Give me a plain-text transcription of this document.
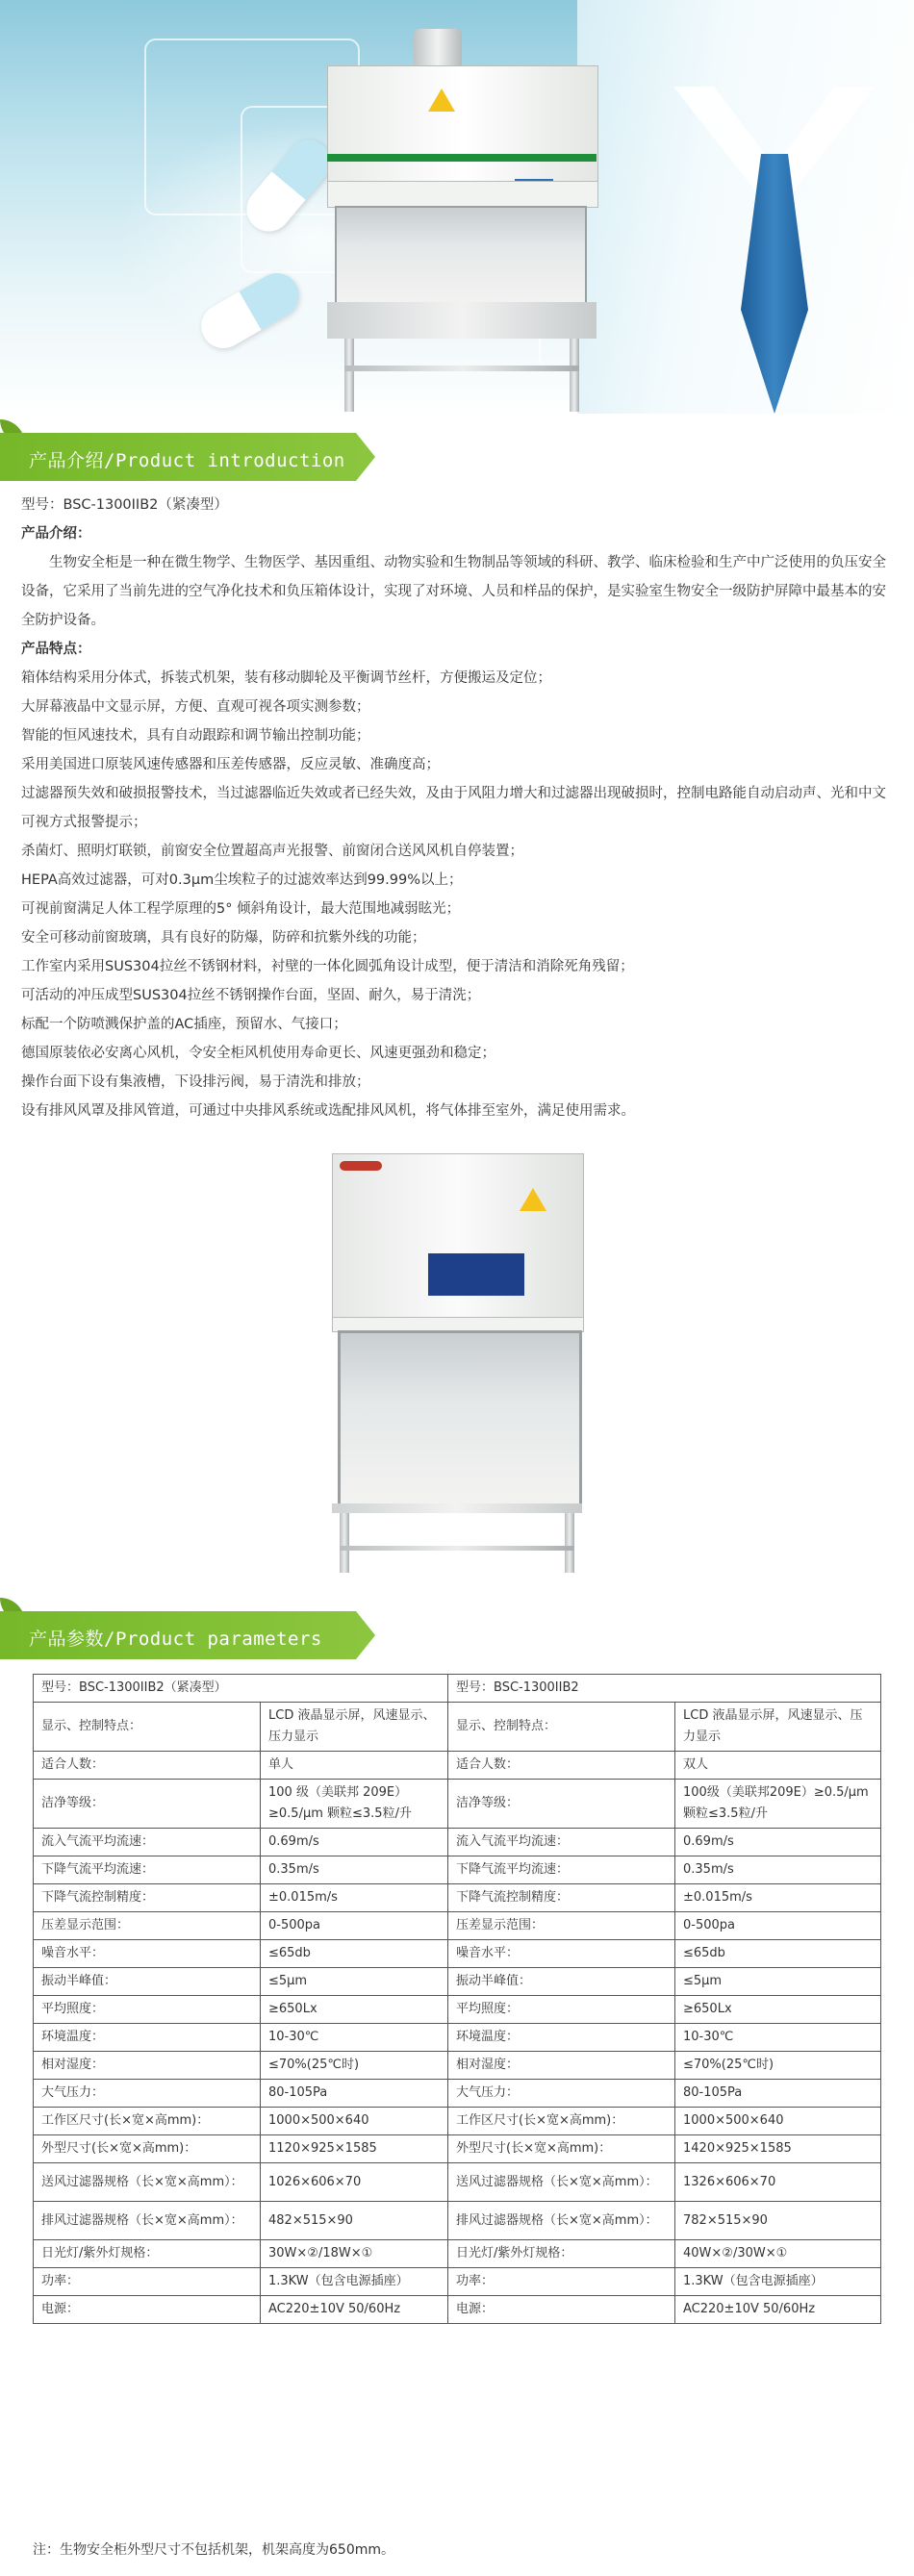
产品介绍/Product introduction

型号：BSC-1300IIB2（紧凑型）

产品介绍：

生物安全柜是一种在微生物学、生物医学、基因重组、动物实验和生物制品等领域的科研、教学、临床检验和生产中广泛使用的负压安全设备，它采用了当前先进的空气净化技术和负压箱体设计，实现了对环境、人员和样品的保护，是实验室生物安全一级防护屏障中最基本的安全防护设备。

产品特点：

箱体结构采用分体式，拆装式机架，装有移动脚轮及平衡调节丝杆，方便搬运及定位；

大屏幕液晶中文显示屏，方便、直观可视各项实测参数；

智能的恒风速技术，具有自动跟踪和调节输出控制功能；

采用美国进口原装风速传感器和压差传感器，反应灵敏、准确度高；

过滤器预失效和破损报警技术，当过滤器临近失效或者已经失效，及由于风阻力增大和过滤器出现破损时，控制电路能自动启动声、光和中文可视方式报警提示；

杀菌灯、照明灯联锁，前窗安全位置超高声光报警、前窗闭合送风风机自停装置；

HEPA高效过滤器，可对0.3μm尘埃粒子的过滤效率达到99.99%以上；

可视前窗满足人体工程学原理的5° 倾斜角设计，最大范围地减弱眩光；

安全可移动前窗玻璃，具有良好的防爆，防碎和抗紫外线的功能；

工作室内采用SUS304拉丝不锈钢材料，衬壁的一体化圆弧角设计成型，便于清洁和消除死角残留；

可活动的冲压成型SUS304拉丝不锈钢操作台面，坚固、耐久，易于清洗；

标配一个防喷溅保护盖的AC插座，预留水、气接口；

德国原装依必安离心风机，令安全柜风机使用寿命更长、风速更强劲和稳定；

操作台面下设有集液槽，下设排污阀，易于清洗和排放；

设有排风风罩及排风管道，可通过中央排风系统或选配排风风机，将气体排至室外，满足使用需求。

产品参数/Product parameters
型号：BSC-1300IIB2（紧凑型）		型号：BSC-1300IIB2	
显示、控制特点：	LCD 液晶显示屏，风速显示、压力显示	显示、控制特点：	LCD 液晶显示屏，风速显示、压力显示
适合人数：	单人	适合人数：	双人
洁净等级：	100 级（美联邦 209E）≥0.5/μm 颗粒≤3.5粒/升	洁净等级：	100级（美联邦209E）≥0.5/μm颗粒≤3.5粒/升
流入气流平均流速：	0.69m/s	流入气流平均流速：	0.69m/s
下降气流平均流速：	0.35m/s	下降气流平均流速：	0.35m/s
下降气流控制精度：	±0.015m/s	下降气流控制精度：	±0.015m/s
压差显示范围：	0-500pa	压差显示范围：	0-500pa
噪音水平：	≤65db	噪音水平：	≤65db
振动半峰值：	≤5μm	振动半峰值：	≤5μm
平均照度：	≥650Lx	平均照度：	≥650Lx
环境温度：	10-30℃	环境温度：	10-30℃
相对湿度：	≤70%(25℃时)	相对湿度：	≤70%(25℃时)
大气压力：	80-105Pa	大气压力：	80-105Pa
工作区尺寸(长×宽×高mm)：	1000×500×640	工作区尺寸(长×宽×高mm)：	1000×500×640
外型尺寸(长×宽×高mm)：	1120×925×1585	外型尺寸(长×宽×高mm)：	1420×925×1585
送风过滤器规格（长×宽×高mm）：	1026×606×70	送风过滤器规格（长×宽×高mm）：	1326×606×70
排风过滤器规格（长×宽×高mm）：	482×515×90	排风过滤器规格（长×宽×高mm）：	782×515×90
日光灯/紫外灯规格：	30W×②/18W×①	日光灯/紫外灯规格：	40W×②/30W×①
功率：	1.3KW（包含电源插座）	功率：	1.3KW（包含电源插座）
电源：	AC220±10V 50/60Hz	电源：	AC220±10V 50/60Hz
注：生物安全柜外型尺寸不包括机架，机架高度为650mm。
